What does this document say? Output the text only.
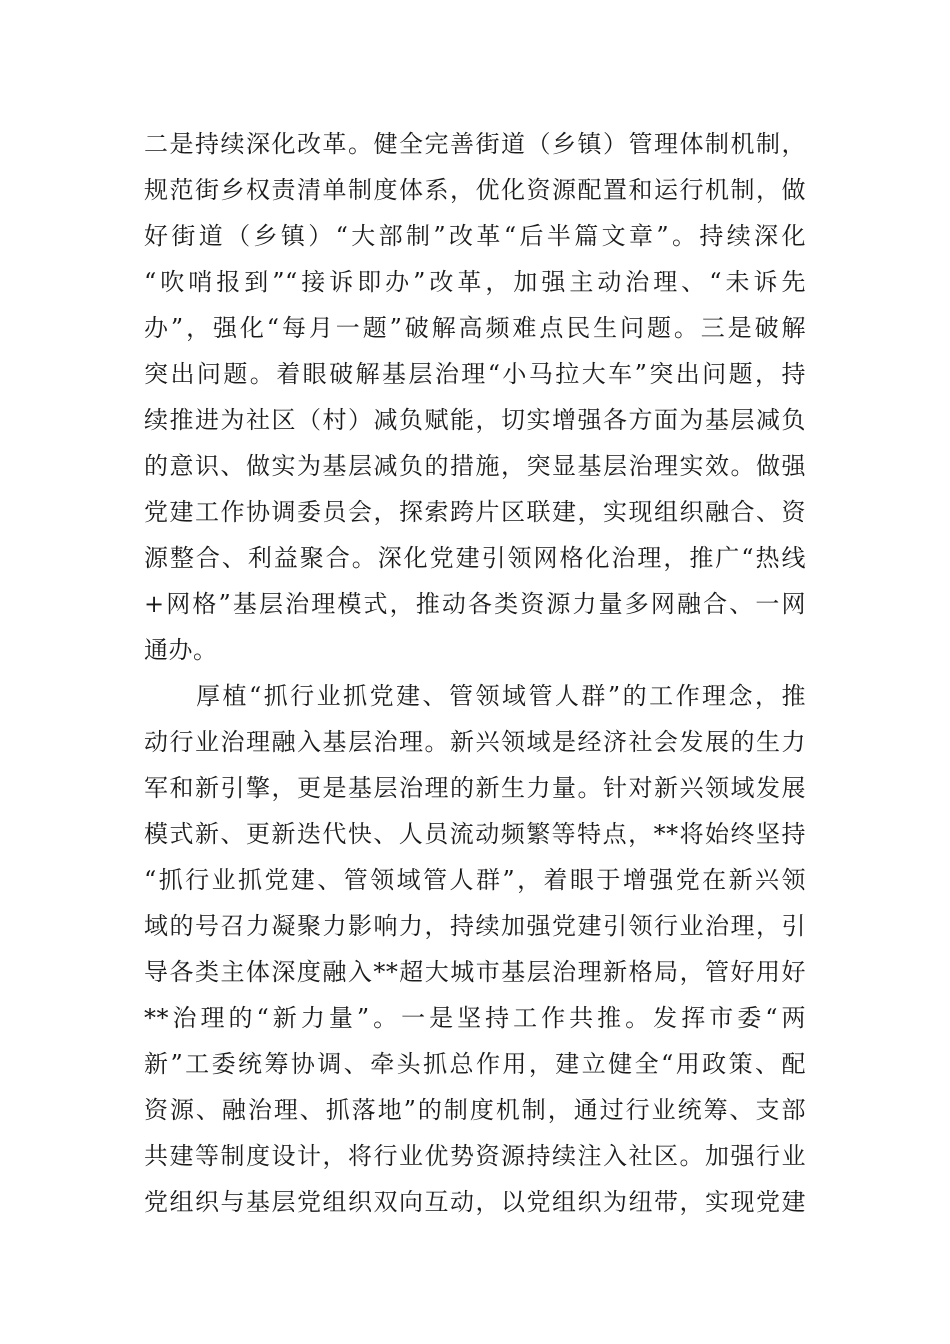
二是持续深化改革。健全完善街道（乡镇）管理体制机制，
规范街乡权责清单制度体系，优化资源配置和运行机制，做
好街道（乡镇）“大部制”改革“后半篇文章”。持续深化
“吹哨报到”“接诉即办”改革，加强主动治理、“未诉先
办”，强化“每月一题”破解高频难点民生问题。三是破解
突出问题。着眼破解基层治理“小马拉大车”突出问题，持
续推进为社区（村）减负赋能，切实增强各方面为基层减负
的意识、做实为基层减负的措施，突显基层治理实效。做强
党建工作协调委员会，探索跨片区联建，实现组织融合、资
源整合、利益聚合。深化党建引领网格化治理，推广“热线
+网格”基层治理模式，推动各类资源力量多网融合、一网
通办。
厚植“抓行业抓党建、管领域管人群”的工作理念，推
动行业治理融入基层治理。新兴领域是经济社会发展的生力
军和新引擎，更是基层治理的新生力量。针对新兴领域发展
模式新、更新迭代快、人员流动频繁等特点，**将始终坚持
“抓行业抓党建、管领域管人群”，着眼于增强党在新兴领
域的号召力凝聚力影响力，持续加强党建引领行业治理，引
导各类主体深度融入**超大城市基层治理新格局，管好用好
**治理的“新力量”。一是坚持工作共推。发挥市委“两
新”工委统筹协调、牵头抓总作用，建立健全“用政策、配
资源、融治理、抓落地”的制度机制，通过行业统筹、支部
共建等制度设计，将行业优势资源持续注入社区。加强行业
党组织与基层党组织双向互动，以党组织为纽带，实现党建
